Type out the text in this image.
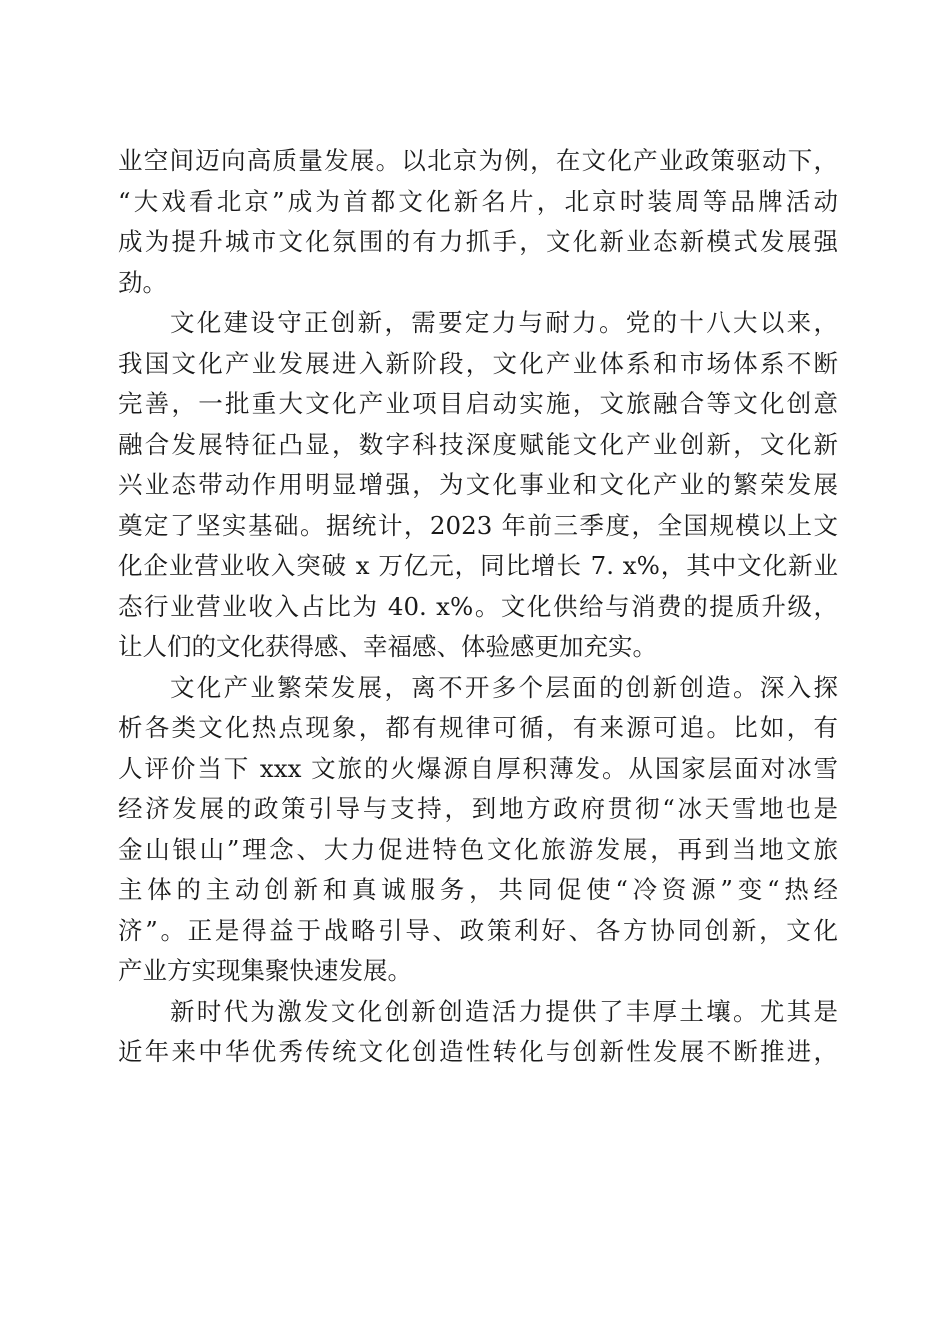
业空间迈向高质量发展。以北京为例，在文化产业政策驱动下，
“大戏看北京”成为首都文化新名片，北京时装周等品牌活动
成为提升城市文化氛围的有力抓手，文化新业态新模式发展强
劲。
文化建设守正创新，需要定力与耐力。党的十八大以来，
我国文化产业发展进入新阶段，文化产业体系和市场体系不断
完善，一批重大文化产业项目启动实施，文旅融合等文化创意
融合发展特征凸显，数字科技深度赋能文化产业创新，文化新
兴业态带动作用明显增强，为文化事业和文化产业的繁荣发展
奠定了坚实基础。据统计，2023 年前三季度，全国规模以上文
化企业营业收入突破 x 万亿元，同比增长 7. x%，其中文化新业
态行业营业收入占比为 40. x%。文化供给与消费的提质升级，
让人们的文化获得感、幸福感、体验感更加充实。
文化产业繁荣发展，离不开多个层面的创新创造。深入探
析各类文化热点现象，都有规律可循，有来源可追。比如，有
人评价当下 xxx 文旅的火爆源自厚积薄发。从国家层面对冰雪
经济发展的政策引导与支持，到地方政府贯彻“冰天雪地也是
金山银山”理念、大力促进特色文化旅游发展，再到当地文旅
主体的主动创新和真诚服务，共同促使“冷资源”变“热经
济”。正是得益于战略引导、政策利好、各方协同创新，文化
产业方实现集聚快速发展。
新时代为激发文化创新创造活力提供了丰厚土壤。尤其是
近年来中华优秀传统文化创造性转化与创新性发展不断推进，
